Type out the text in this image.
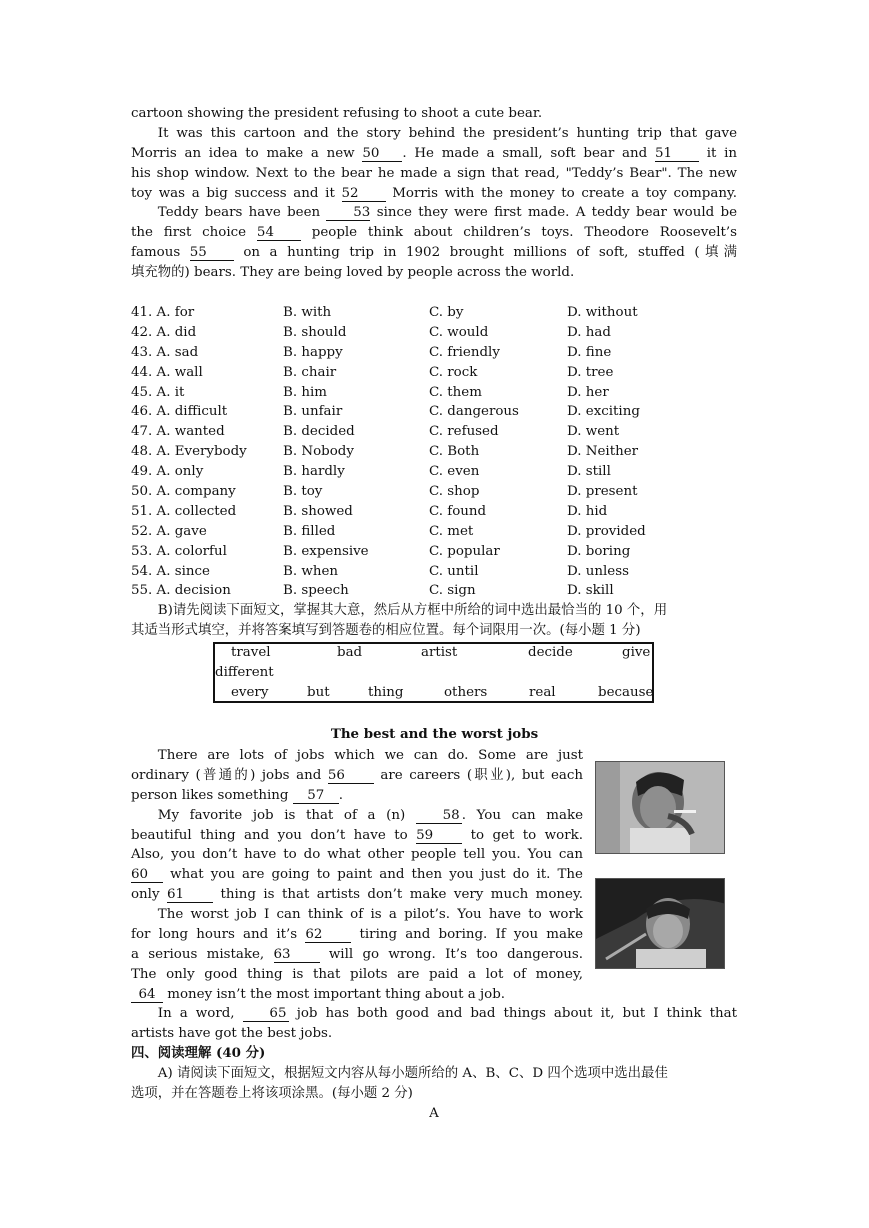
cartoon showing the president refusing to shoot a cute bear.
It was this cartoon and the story behind the president’s hunting trip that gave
Morris an idea to make a new 50 . He made a small, soft bear and 51	it in
his shop window. Next to the bear he made a sign that read, "Teddy’s Bear". The new
toy was a big success and it 52	Morris with the money to create a toy company.
Teddy bears have been 53 since they were first made. A teddy bear would be
the first choice 54	people think about children’s toys. Theodore Roosevelt’s
famous 55	on a hunting trip in 1902 brought millions of soft, stuffed (填满
填充物的) bears. They are being loved by people across the world.
41. A. for	B. with	C. by	D. without
42. A. did	B. should	C. would	D. had
43. A. sad	B. happy	C. friendly	D. fine
44. A. wall	B. chair	C. rock	D. tree
45. A. it	B. him	C. them	D. her
46. A. difficult	B. unfair	C. dangerous	D. exciting
47. A. wanted	B. decided	C. refused	D. went
48. A. Everybody	B. Nobody	C. Both	D. Neither
49. A. only	B. hardly	C. even	D. still
50. A. company	B. toy	C. shop	D. present
51. A. collected	B. showed	C. found	D. hid
52. A. gave	B. filled	C. met	D. provided
53. A. colorful	B. expensive	C. popular	D. boring
54. A. since	B. when	C. until	D. unless
55. A. decision	B. speech	C. sign	D. skill
B)请先阅读下面短文，掌握其大意，然后从方框中所给的词中选出最恰当的 10 个，用
其适当形式填空，并将答案填写到答题卷的相应位置。每个词限用一次。(每小题 1 分)
travel	bad	artist	decide	give
different
every	but	thing	others	real	because
The best and the worst jobs
There are lots of jobs which we can do. Some are just
ordinary (普通的) jobs and 56	are careers (职业), but each
person likes something 57 .
My favorite job is that of a (n)	58 . You can make
beautiful thing and you don’t have to 59	to get to work.
Also, you don’t have to do what other people tell you. You can
60 what you are going to paint and then you just do it. The
only 61	thing is that artists don’t make very much money.
The worst job I can think of is a pilot’s. You have to work
for long hours and it’s 62	tiring and boring. If you make
a serious mistake, 63	will go wrong. It’s too dangerous.
The only good thing is that pilots are paid a lot of money,
64 money isn’t the most important thing about a job.
In a word,	65 job has both good and bad things about it, but I think that
artists have got the best jobs.
四、阅读理解 (40 分)
A) 请阅读下面短文，根据短文内容从每小题所给的 A、B、C、D 四个选项中选出最佳
选项，并在答题卷上将该项涂黑。(每小题 2 分)
A
